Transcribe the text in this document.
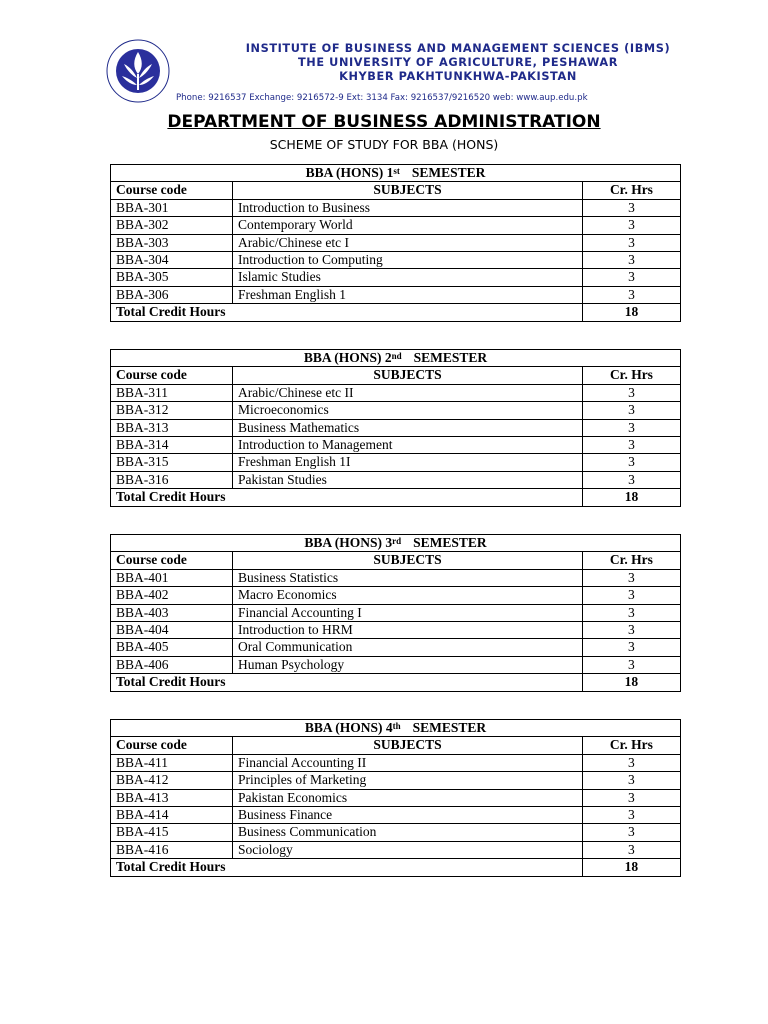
INSTITUTE OF BUSINESS AND MANAGEMENT SCIENCES (IBMS)
THE UNIVERSITY OF AGRICULTURE, PESHAWAR
KHYBER PAKHTUNKHWA-PAKISTAN
Phone: 9216537 Exchange: 9216572-9 Ext: 3134 Fax: 9216537/9216520 web: www.aup.edu.pk
DEPARTMENT OF BUSINESS ADMINISTRATION
SCHEME OF STUDY FOR BBA (HONS)
BBA (HONS) 1st SEMESTER		
Course code	SUBJECTS	Cr. Hrs
BBA-301	Introduction to Business	3
BBA-302	Contemporary World	3
BBA-303	Arabic/Chinese etc I	3
BBA-304	Introduction to Computing	3
BBA-305	Islamic Studies	3
BBA-306	Freshman English 1	3
Total Credit Hours		18
BBA (HONS) 2nd SEMESTER		
Course code	SUBJECTS	Cr. Hrs
BBA-311	Arabic/Chinese etc II	3
BBA-312	Microeconomics	3
BBA-313	Business Mathematics	3
BBA-314	Introduction to Management	3
BBA-315	Freshman English 1I	3
BBA-316	Pakistan Studies	3
Total Credit Hours		18
BBA (HONS) 3rd SEMESTER		
Course code	SUBJECTS	Cr. Hrs
BBA-401	Business Statistics	3
BBA-402	Macro Economics	3
BBA-403	Financial Accounting I	3
BBA-404	Introduction to HRM	3
BBA-405	Oral Communication	3
BBA-406	Human Psychology	3
Total Credit Hours		18
BBA (HONS) 4th SEMESTER		
Course code	SUBJECTS	Cr. Hrs
BBA-411	Financial Accounting II	3
BBA-412	Principles of Marketing	3
BBA-413	Pakistan Economics	3
BBA-414	Business Finance	3
BBA-415	Business Communication	3
BBA-416	Sociology	3
Total Credit Hours		18
